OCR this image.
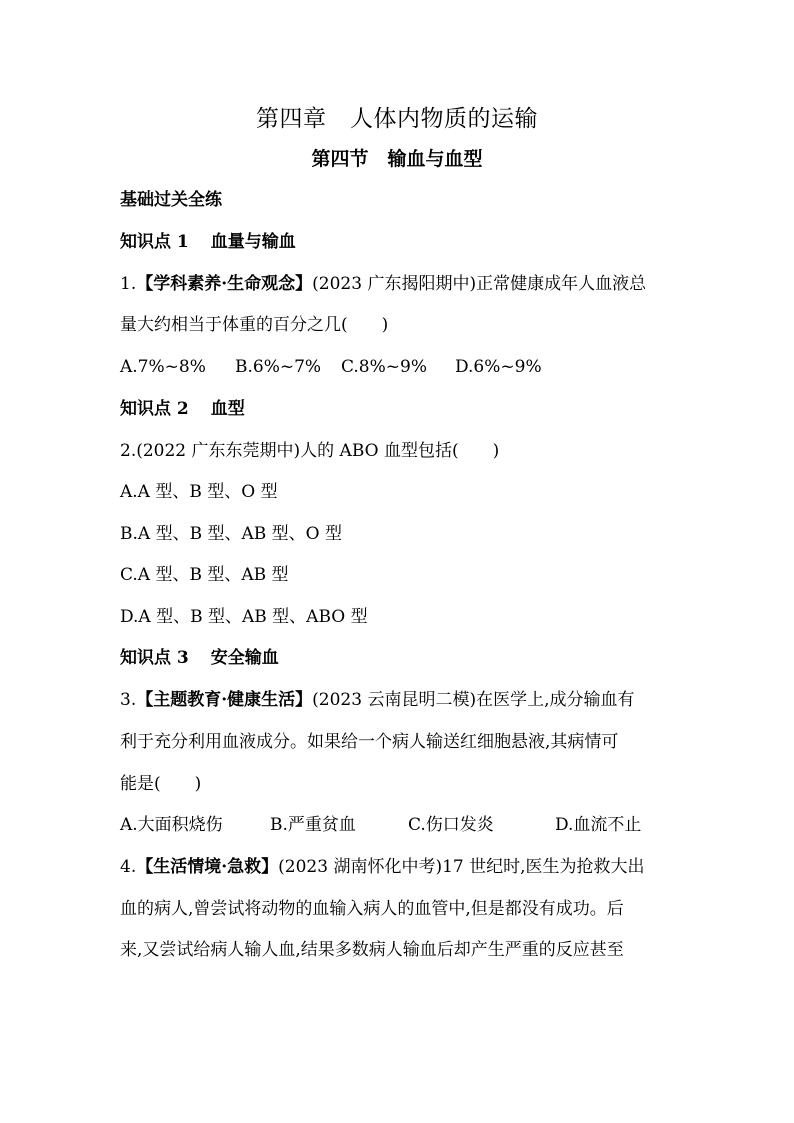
第四章　人体内物质的运输
第四节　输血与血型
基础过关全练
知识点 1 血量与输血
1.【学科素养·生命观念】(2023 广东揭阳期中)正常健康成年人血液总
量大约相当于体重的百分之几(　　)
A.7%~8% B.6%~7% C.8%~9% D.6%~9%
知识点 2 血型
2.(2022 广东东莞期中)人的 ABO 血型包括(　　)
A.A 型、B 型、O 型
B.A 型、B 型、AB 型、O 型
C.A 型、B 型、AB 型
D.A 型、B 型、AB 型、ABO 型
知识点 3 安全输血
3.【主题教育·健康生活】(2023 云南昆明二模)在医学上,成分输血有
利于充分利用血液成分。如果给一个病人输送红细胞悬液,其病情可
能是(　　)
A.大面积烧伤	B.严重贫血	C.伤口发炎	D.血流不止
4.【生活情境·急救】(2023 湖南怀化中考)17 世纪时,医生为抢救大出
血的病人,曾尝试将动物的血输入病人的血管中,但是都没有成功。后
来,又尝试给病人输人血,结果多数病人输血后却产生严重的反应甚至
